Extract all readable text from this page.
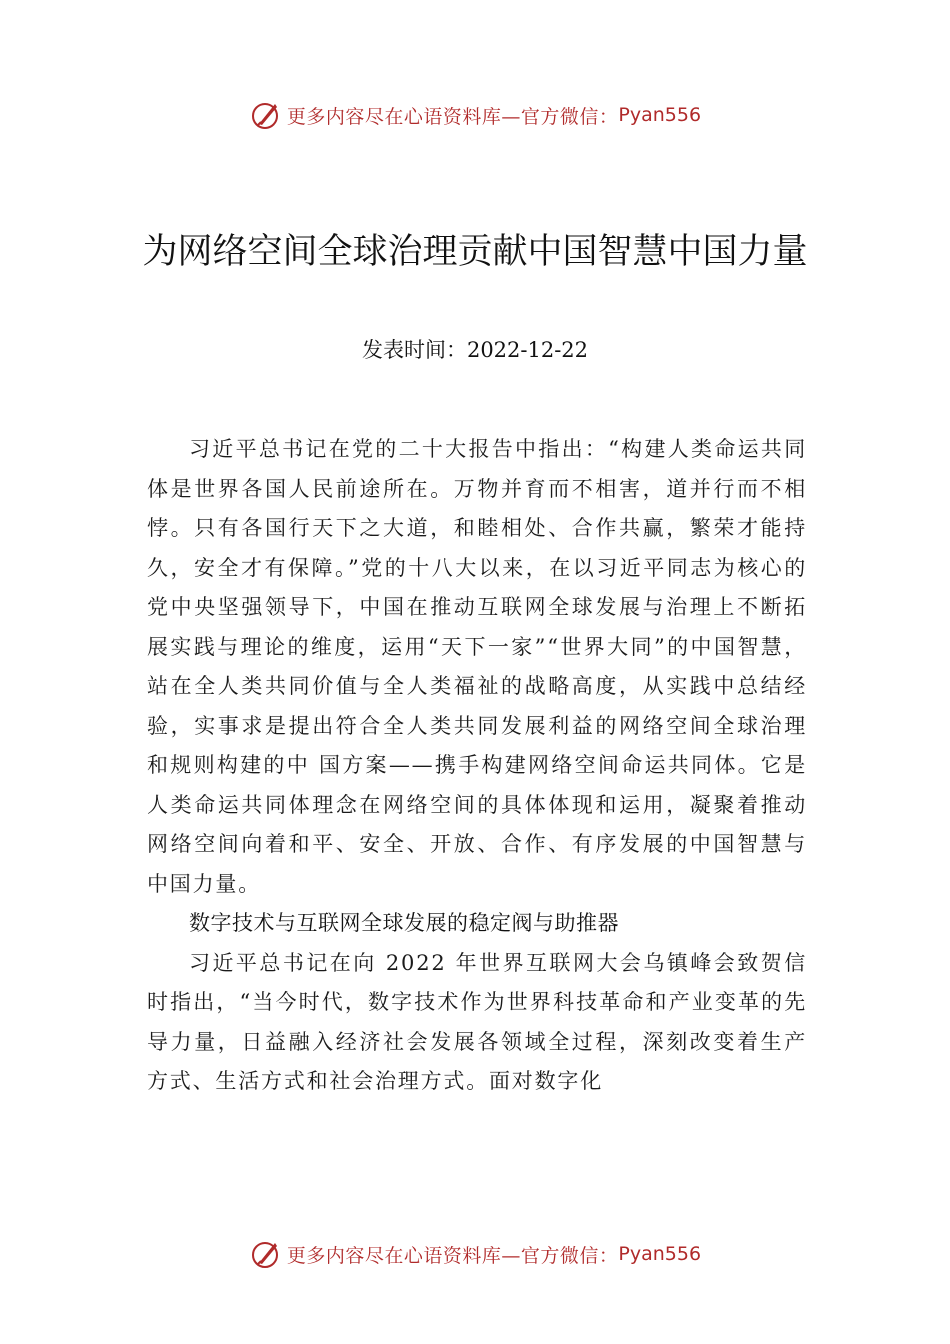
更多内容尽在心语资料库—官方微信： Pyan556
为网络空间全球治理贡献中国智慧中国力量
发表时间：2022-12-22

习近平总书记在党的二十大报告中指出：“构建人类命运共同体是世界各国人民前途所在。万物并育而不相害，道并行而不相悖。只有各国行天下之大道，和睦相处、合作共赢，繁荣才能持久，安全才有保障。”党的十八大以来，在以习近平同志为核心的党中央坚强领导下，中国在推动互联网全球发展与治理上不断拓展实践与理论的维度，运用“天下一家”“世界大同”的中国智慧，站在全人类共同价值与全人类福祉的战略高度，从实践中总结经验，实事求是提出符合全人类共同发展利益的网络空间全球治理和规则构建的中 国方案——携手构建网络空间命运共同体。它是人类命运共同体理念在网络空间的具体体现和运用，凝聚着推动网络空间向着和平、安全、开放、合作、有序发展的中国智慧与中国力量。

数字技术与互联网全球发展的稳定阀与助推器

习近平总书记在向 2022 年世界互联网大会乌镇峰会致贺信时指出，“当今时代，数字技术作为世界科技革命和产业变革的先导力量，日益融入经济社会发展各领域全过程，深刻改变着生产方式、生活方式和社会治理方式。面对数字化

更多内容尽在心语资料库—官方微信： Pyan556
